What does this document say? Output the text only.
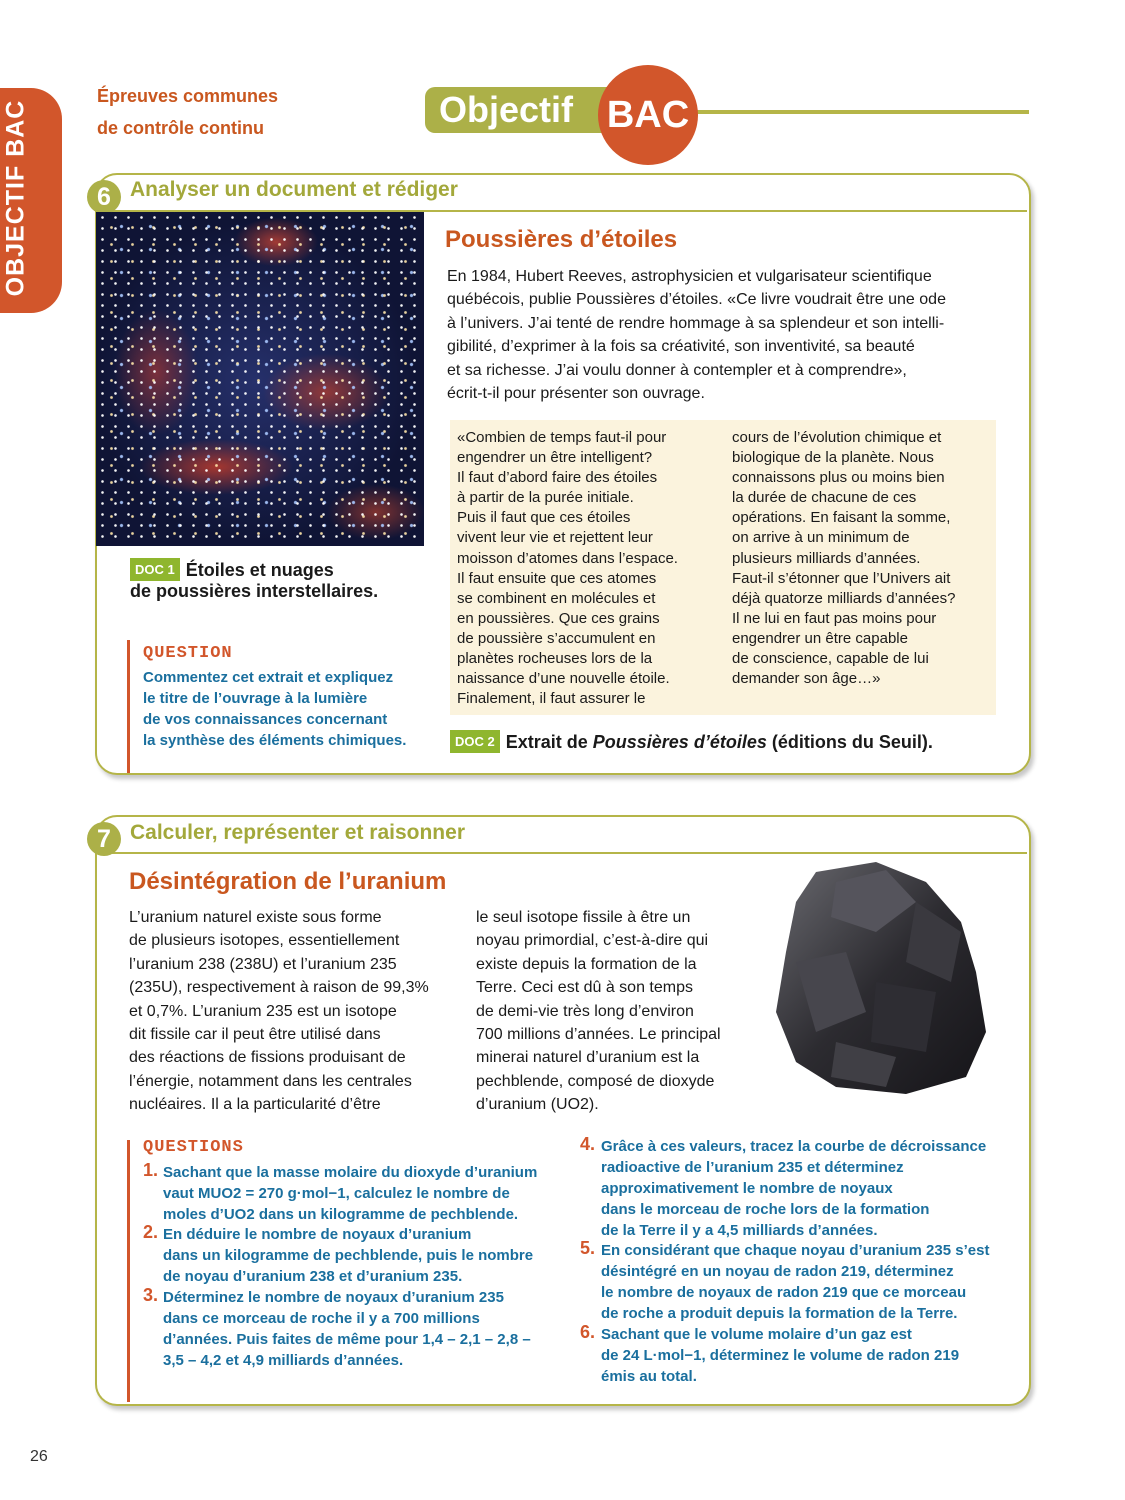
OBJECTIF BAC
Épreuves communes
de contrôle continu	Objectif BAC
6 Analyser un document et rédiger
DOC 1 Étoiles et nuages
de poussières interstellaires.
QUESTION
Commentez cet extrait et expliquez
le titre de l’ouvrage à la lumière
de vos connaissances concernant
la synthèse des éléments chimiques.
Poussières d’étoiles
En 1984, Hubert Reeves, astrophysicien et vulgarisateur scientifique
québécois, publie Poussières d’étoiles. «Ce livre voudrait être une ode
à l’univers. J’ai tenté de rendre hommage à sa splendeur et son intelli-
gibilité, d’exprimer à la fois sa créativité, son inventivité, sa beauté
et sa richesse. J’ai voulu donner à contempler et à comprendre»,
écrit-t-il pour présenter son ouvrage.
«Combien de temps faut-il pour
engendrer un être intelligent?
Il faut d’abord faire des étoiles
à partir de la purée initiale.
Puis il faut que ces étoiles
vivent leur vie et rejettent leur
moisson d’atomes dans l’espace.
Il faut ensuite que ces atomes
se combinent en molécules et
en poussières. Que ces grains
de poussière s’accumulent en
planètes rocheuses lors de la
naissance d’une nouvelle étoile.
Finalement, il faut assurer le
cours de l’évolution chimique et
biologique de la planète. Nous
connaissons plus ou moins bien
la durée de chacune de ces
opérations. En faisant la somme,
on arrive à un minimum de
plusieurs milliards d’années.
Faut-il s’étonner que l’Univers ait
déjà quatorze milliards d’années?
Il ne lui en faut pas moins pour
engendrer un être capable
de conscience, capable de lui
demander son âge…»
DOC 2 Extrait de Poussières d’étoiles (éditions du Seuil).
7 Calculer, représenter et raisonner
Désintégration de l’uranium
L’uranium naturel existe sous forme
de plusieurs isotopes, essentiellement
l’uranium 238 (238U) et l’uranium 235
(235U), respectivement à raison de 99,3%
et 0,7%. L’uranium 235 est un isotope
dit fissile car il peut être utilisé dans
des réactions de fissions produisant de
l’énergie, notamment dans les centrales
nucléaires. Il a la particularité d’être
le seul isotope fissile à être un
noyau primordial, c’est-à-dire qui
existe depuis la formation de la
Terre. Ceci est dû à son temps
de demi-vie très long d’environ
700 millions d’années. Le principal
minerai naturel d’uranium est la
pechblende, composé de dioxyde
d’uranium (UO2).
QUESTIONS
1. Sachant que la masse molaire du dioxyde d’uranium
vaut MUO2 = 270 g·mol−1, calculez le nombre de
moles d’UO2 dans un kilogramme de pechblende.
2. En déduire le nombre de noyaux d’uranium
dans un kilogramme de pechblende, puis le nombre
de noyau d’uranium 238 et d’uranium 235.
3. Déterminez le nombre de noyaux d’uranium 235
dans ce morceau de roche il y a 700 millions
d’années. Puis faites de même pour 1,4 – 2,1 – 2,8 –
3,5 – 4,2 et 4,9 milliards d’années.
4. Grâce à ces valeurs, tracez la courbe de décroissance
radioactive de l’uranium 235 et déterminez
approximativement le nombre de noyaux
dans le morceau de roche lors de la formation
de la Terre il y a 4,5 milliards d’années.
5. En considérant que chaque noyau d’uranium 235 s’est
désintégré en un noyau de radon 219, déterminez
le nombre de noyaux de radon 219 que ce morceau
de roche a produit depuis la formation de la Terre.
6. Sachant que le volume molaire d’un gaz est
de 24 L·mol−1, déterminez le volume de radon 219
émis au total.
26
